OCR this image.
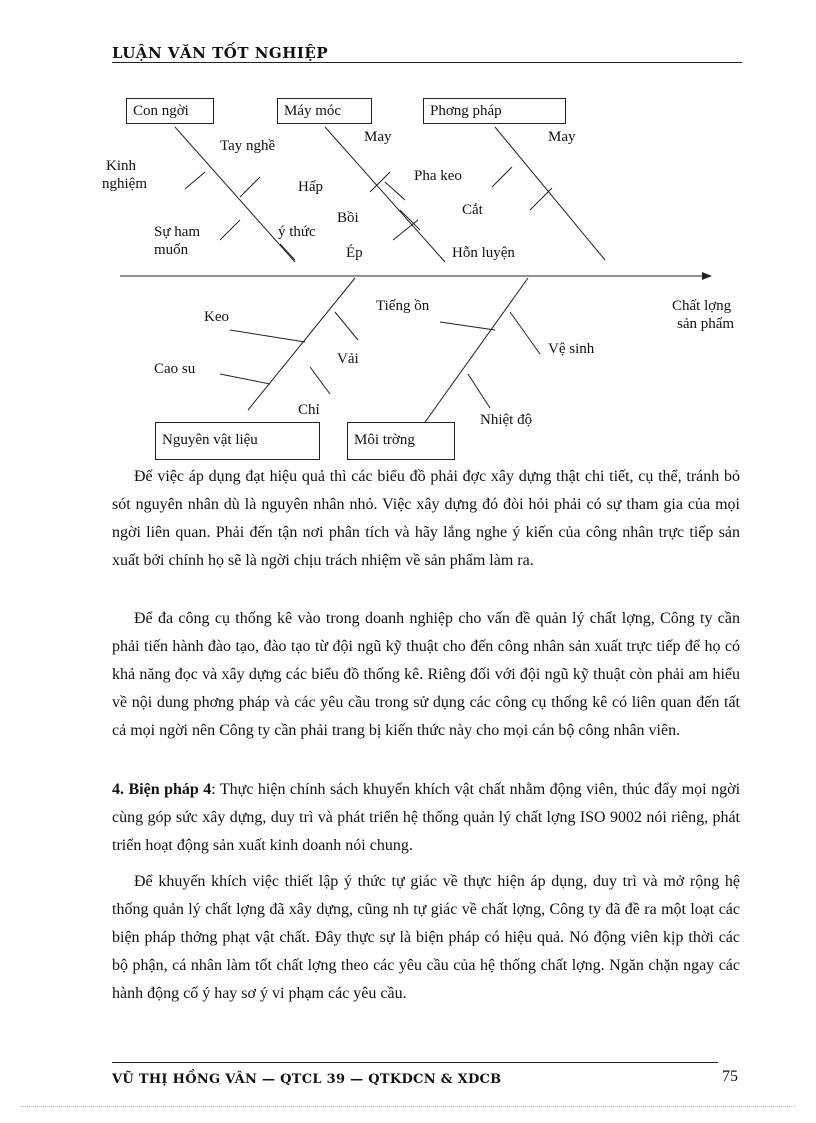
LUẬN VĂN TỐT NGHIỆP
Con ngời	Máy móc	Phơng pháp
Nguyên vật liệu	Môi trờng
Chất lợng
sản phẩm
Tay nghề
Kinh
nghiệm
Sự ham
muốn
ý thức
May
Hấp
Bồi
Ép
Pha keo
Cắt
May
Hỗn luyện
Keo
Cao su
Vải
Chỉ
Tiếng ồn
Vệ sinh
Nhiệt độ

Để việc áp dụng đạt hiệu quả thì các biểu đồ phải đợc xây dựng thật chi tiết, cụ thể, tránh bỏ sót nguyên nhân dù là nguyên nhân nhỏ. Việc xây dựng đó đòi hỏi phải có sự tham gia của mọi ngời liên quan. Phải đến tận nơi phân tích và hãy lắng nghe ý kiến của công nhân trực tiếp sản xuất bởi chính họ sẽ là ngời chịu trách nhiệm về sản phẩm làm ra.

Để đa công cụ thống kê vào trong doanh nghiệp cho vấn đề quản lý chất lợng, Công ty cần phải tiến hành đào tạo, đào tạo từ đội ngũ kỹ thuật cho đến công nhân sản xuất trực tiếp để họ có khả năng đọc và xây dựng các biểu đồ thống kê. Riêng đối với đội ngũ kỹ thuật còn phải am hiểu về nội dung phơng pháp và các yêu cầu trong sử dụng các công cụ thống kê có liên quan đến tất cả mọi ngời nên Công ty cần phải trang bị kiến thức này cho mọi cán bộ công nhân viên.

4. Biện pháp 4: Thực hiện chính sách khuyến khích vật chất nhằm động viên, thúc đẩy mọi ngời cùng góp sức xây dựng, duy trì và phát triển hệ thống quản lý chất lợng ISO 9002 nói riêng, phát triển hoạt động sản xuất kinh doanh nói chung.

Để khuyến khích việc thiết lập ý thức tự giác về thực hiện áp dụng, duy trì và mở rộng hệ thống quản lý chất lợng đã xây dựng, cũng nh tự giác về chất lợng, Công ty đã đề ra một loạt các biện pháp thởng phạt vật chất. Đây thực sự là biện pháp có hiệu quả. Nó động viên kịp thời các bộ phận, cá nhân làm tốt chất lợng theo các yêu cầu của hệ thống chất lợng. Ngăn chặn ngay các hành động cố ý hay sơ ý vi phạm các yêu cầu.

VŨ THỊ HỒNG VÂN — QTCL 39 — QTKDCN & XDCB	75
